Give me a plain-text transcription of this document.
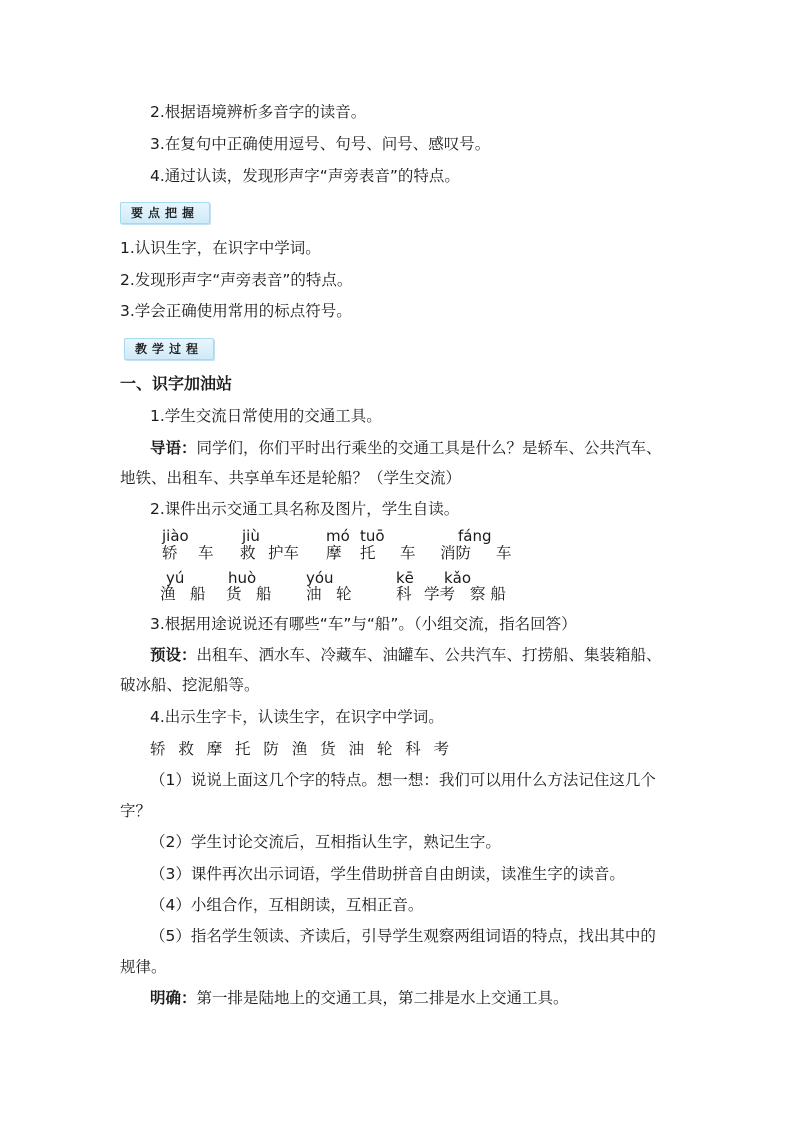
2.根据语境辨析多音字的读音。
3.在复句中正确使用逗号、句号、问号、感叹号。
4.通过认读，发现形声字“声旁表音”的特点。
要点把握
1.认识生字，在识字中学词。
2.发现形声字“声旁表音”的特点。
3.学会正确使用常用的标点符号。
教学过程
一、识字加油站
1.学生交流日常使用的交通工具。
导语：同学们，你们平时出行乘坐的交通工具是什么？是轿车、公共汽车、
地铁、出租车、共享单车还是轮船？（学生交流）
2.课件出示交通工具名称及图片，学生自读。
jiào
轿 车
jiù
救 护车
mó
摩
tuō
托 车 消防
fáng
车
yú
渔 船
huò
货 船
yóu
油 轮
kē
科 学考
kǎo
察 船
3.根据用途说说还有哪些“车”与“船”。（小组交流，指名回答）
预设：出租车、洒水车、冷藏车、油罐车、公共汽车、打捞船、集装箱船、
破冰船、挖泥船等。
4.出示生字卡，认读生字，在识字中学词。
轿  救  摩  托  防  渔  货  油  轮  科  考
（1）说说上面这几个字的特点。想一想：我们可以用什么方法记住这几个
字？
（2）学生讨论交流后，互相指认生字，熟记生字。
（3）课件再次出示词语，学生借助拼音自由朗读，读准生字的读音。
（4）小组合作，互相朗读，互相正音。
（5）指名学生领读、齐读后，引导学生观察两组词语的特点，找出其中的
规律。
明确：第一排是陆地上的交通工具，第二排是水上交通工具。
